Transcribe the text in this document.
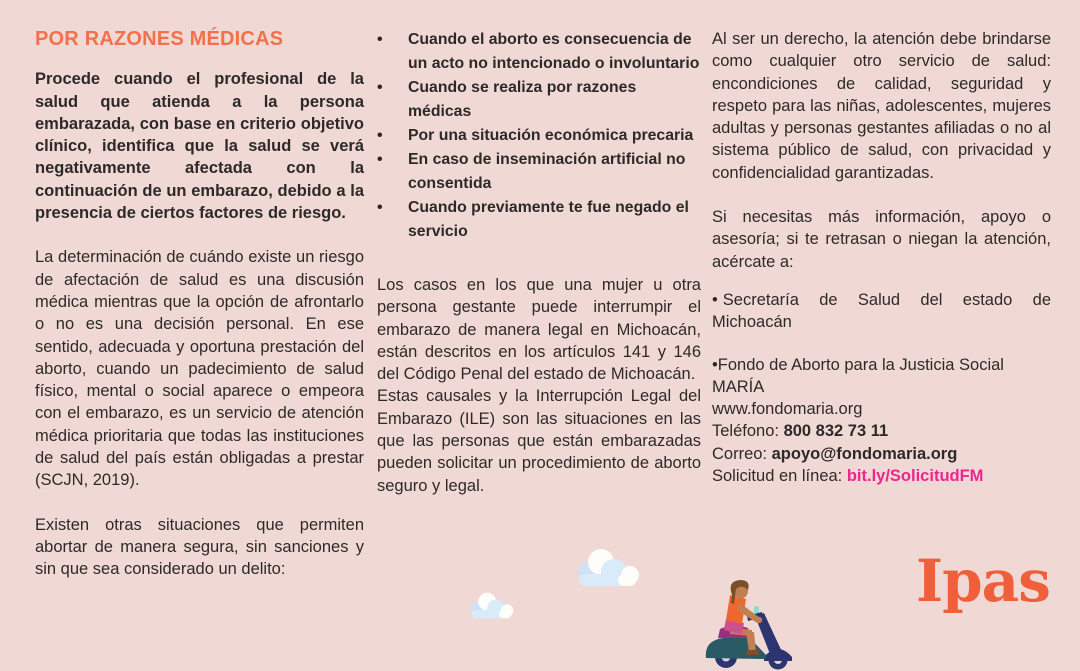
POR RAZONES MÉDICAS

Procede cuando el profesional de la salud que atienda a la persona embarazada, con base en criterio objetivo clínico, identifica que la salud se verá negativamente afectada con la continuación de un embarazo, debido a la presencia de ciertos factores de riesgo.

La determinación de cuándo existe un riesgo de afectación de salud es una discusión médica mientras que la opción de afrontarlo o no es una decisión personal. En ese sentido, adecuada y oportuna prestación del aborto, cuando un padecimiento de salud físico, mental o social aparece o empeora con el embarazo, es un servicio de atención médica prioritaria que todas las instituciones de salud del país están obligadas a prestar (SCJN, 2019).

Existen otras situaciones que permiten abortar de manera segura, sin sanciones y sin que sea considerado un delito:

•	Cuando el aborto es consecuencia de un acto no intencionado o involuntario
•	Cuando se realiza por razones médicas
•	Por una situación económica precaria
•	En caso de inseminación artificial no consentida
•	Cuando previamente te fue negado el servicio

Los casos en los que una mujer u otra persona gestante puede interrumpir el embarazo de manera legal en Michoacán, están descritos en los artículos 141 y 146 del Código Penal del estado de Michoacán.

Estas causales y la Interrupción Legal del Embarazo (ILE) son las situaciones en las que las personas que están embarazadas pueden solicitar un procedimiento de aborto seguro y legal.

Al ser un derecho, la atención debe brindarse como cualquier otro servicio de salud: encondiciones de calidad, seguridad y respeto para las niñas, adolescentes, mujeres adultas y personas gestantes afiliadas o no al sistema público de salud, con privacidad y confidencialidad garantizadas.

Si necesitas más información, apoyo o asesoría; si te retrasan o niegan la atención, acércate a:

• Secretaría de Salud del estado de Michoacán
•Fondo de Aborto para la Justicia Social MARÍA
www.fondomaria.org
Teléfono: 800 832 73 11
Correo: apoyo@fondomaria.org
Solicitud en línea: bit.ly/SolicitudFM
Ipas
